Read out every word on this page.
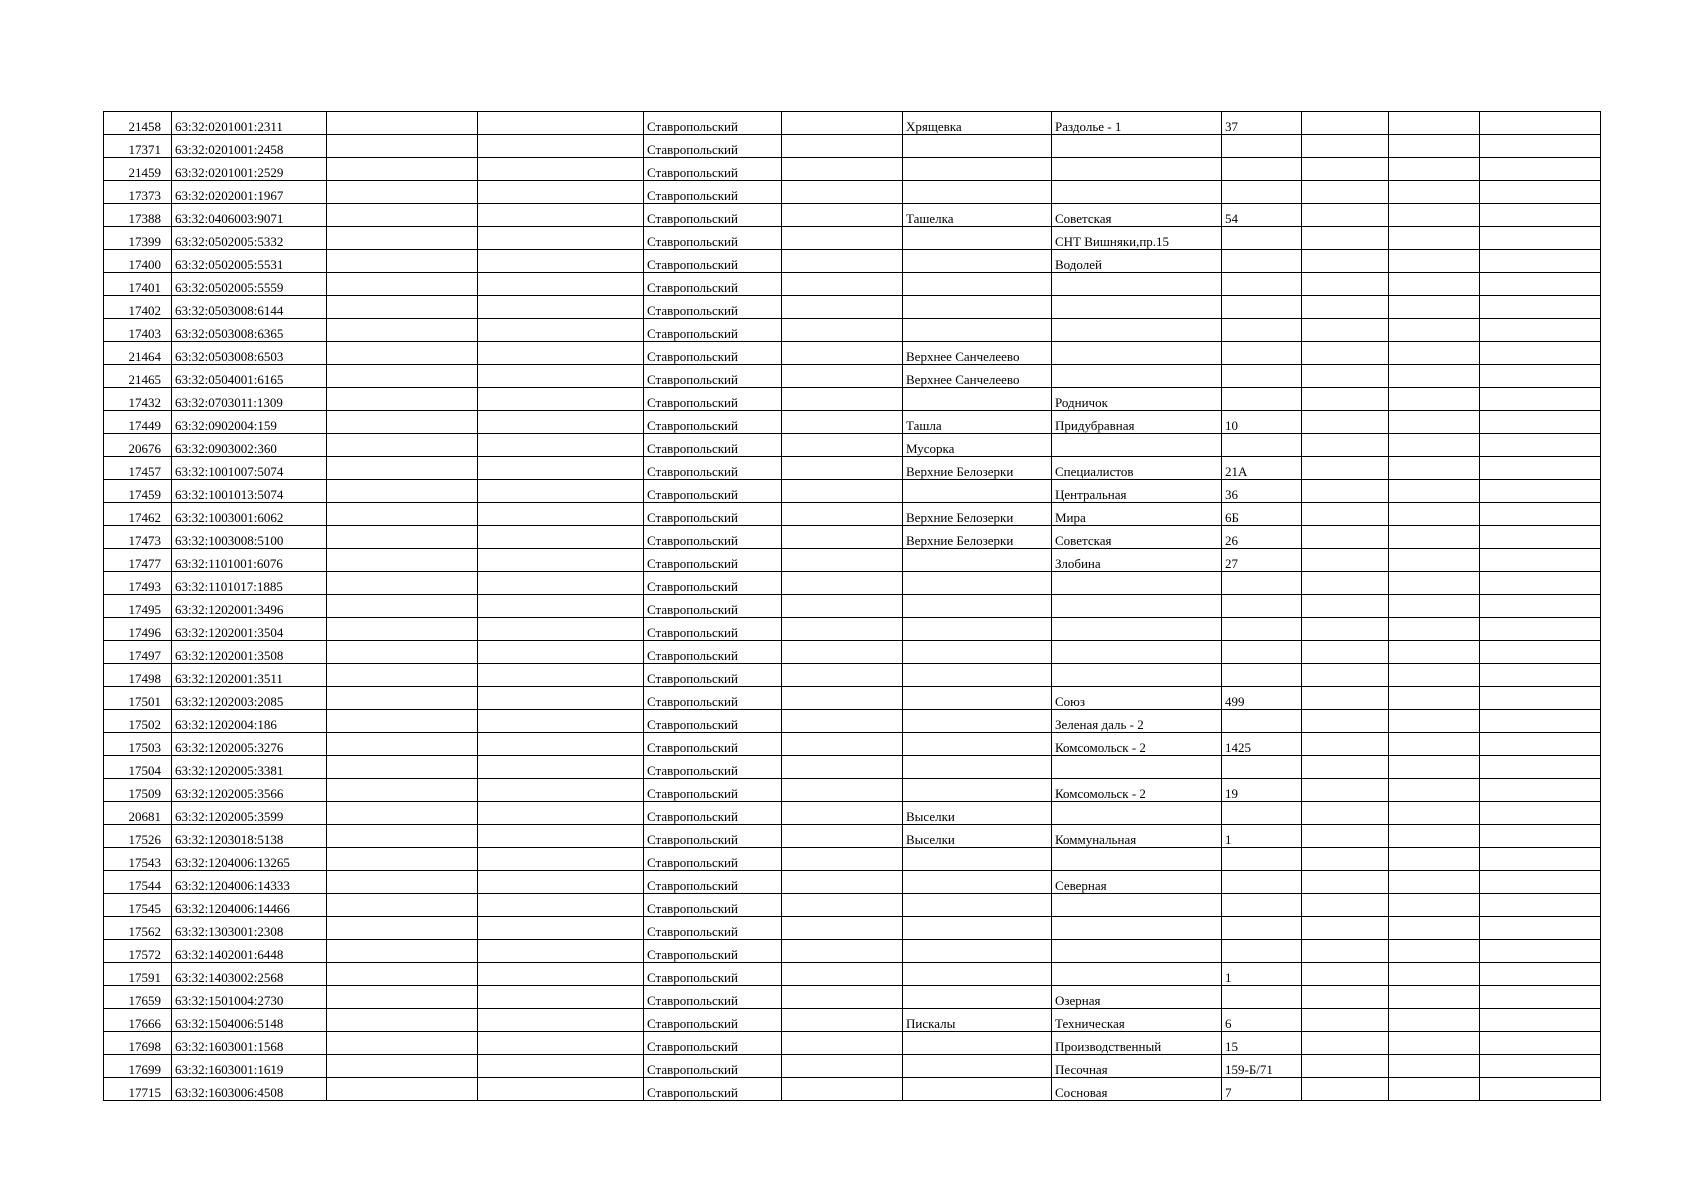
21458	63:32:0201001:2311			Ставропольский		Хрящевка	Раздолье - 1	37			
17371	63:32:0201001:2458			Ставропольский							
21459	63:32:0201001:2529			Ставропольский							
17373	63:32:0202001:1967			Ставропольский							
17388	63:32:0406003:9071			Ставропольский		Ташелка	Советская	54			
17399	63:32:0502005:5332			Ставропольский			СНТ Вишняки,пр.15				
17400	63:32:0502005:5531			Ставропольский			Водолей				
17401	63:32:0502005:5559			Ставропольский							
17402	63:32:0503008:6144			Ставропольский							
17403	63:32:0503008:6365			Ставропольский							
21464	63:32:0503008:6503			Ставропольский		Верхнее Санчелеево					
21465	63:32:0504001:6165			Ставропольский		Верхнее Санчелеево					
17432	63:32:0703011:1309			Ставропольский			Родничок				
17449	63:32:0902004:159			Ставропольский		Ташла	Придубравная	10			
20676	63:32:0903002:360			Ставропольский		Мусорка					
17457	63:32:1001007:5074			Ставропольский		Верхние Белозерки	Специалистов	21А			
17459	63:32:1001013:5074			Ставропольский			Центральная	36			
17462	63:32:1003001:6062			Ставропольский		Верхние Белозерки	Мира	6Б			
17473	63:32:1003008:5100			Ставропольский		Верхние Белозерки	Советская	26			
17477	63:32:1101001:6076			Ставропольский			Злобина	27			
17493	63:32:1101017:1885			Ставропольский							
17495	63:32:1202001:3496			Ставропольский							
17496	63:32:1202001:3504			Ставропольский							
17497	63:32:1202001:3508			Ставропольский							
17498	63:32:1202001:3511			Ставропольский							
17501	63:32:1202003:2085			Ставропольский			Союз	499			
17502	63:32:1202004:186			Ставропольский			Зеленая даль - 2				
17503	63:32:1202005:3276			Ставропольский			Комсомольск - 2	1425			
17504	63:32:1202005:3381			Ставропольский							
17509	63:32:1202005:3566			Ставропольский			Комсомольск - 2	19			
20681	63:32:1202005:3599			Ставропольский		Выселки					
17526	63:32:1203018:5138			Ставропольский		Выселки	Коммунальная	1			
17543	63:32:1204006:13265			Ставропольский							
17544	63:32:1204006:14333			Ставропольский			Северная				
17545	63:32:1204006:14466			Ставропольский							
17562	63:32:1303001:2308			Ставропольский							
17572	63:32:1402001:6448			Ставропольский							
17591	63:32:1403002:2568			Ставропольский				1			
17659	63:32:1501004:2730			Ставропольский			Озерная				
17666	63:32:1504006:5148			Ставропольский		Пискалы	Техническая	6			
17698	63:32:1603001:1568			Ставропольский			Производственный	15			
17699	63:32:1603001:1619			Ставропольский			Песочная	159-Б/71			
17715	63:32:1603006:4508			Ставропольский			Сосновая	7			
